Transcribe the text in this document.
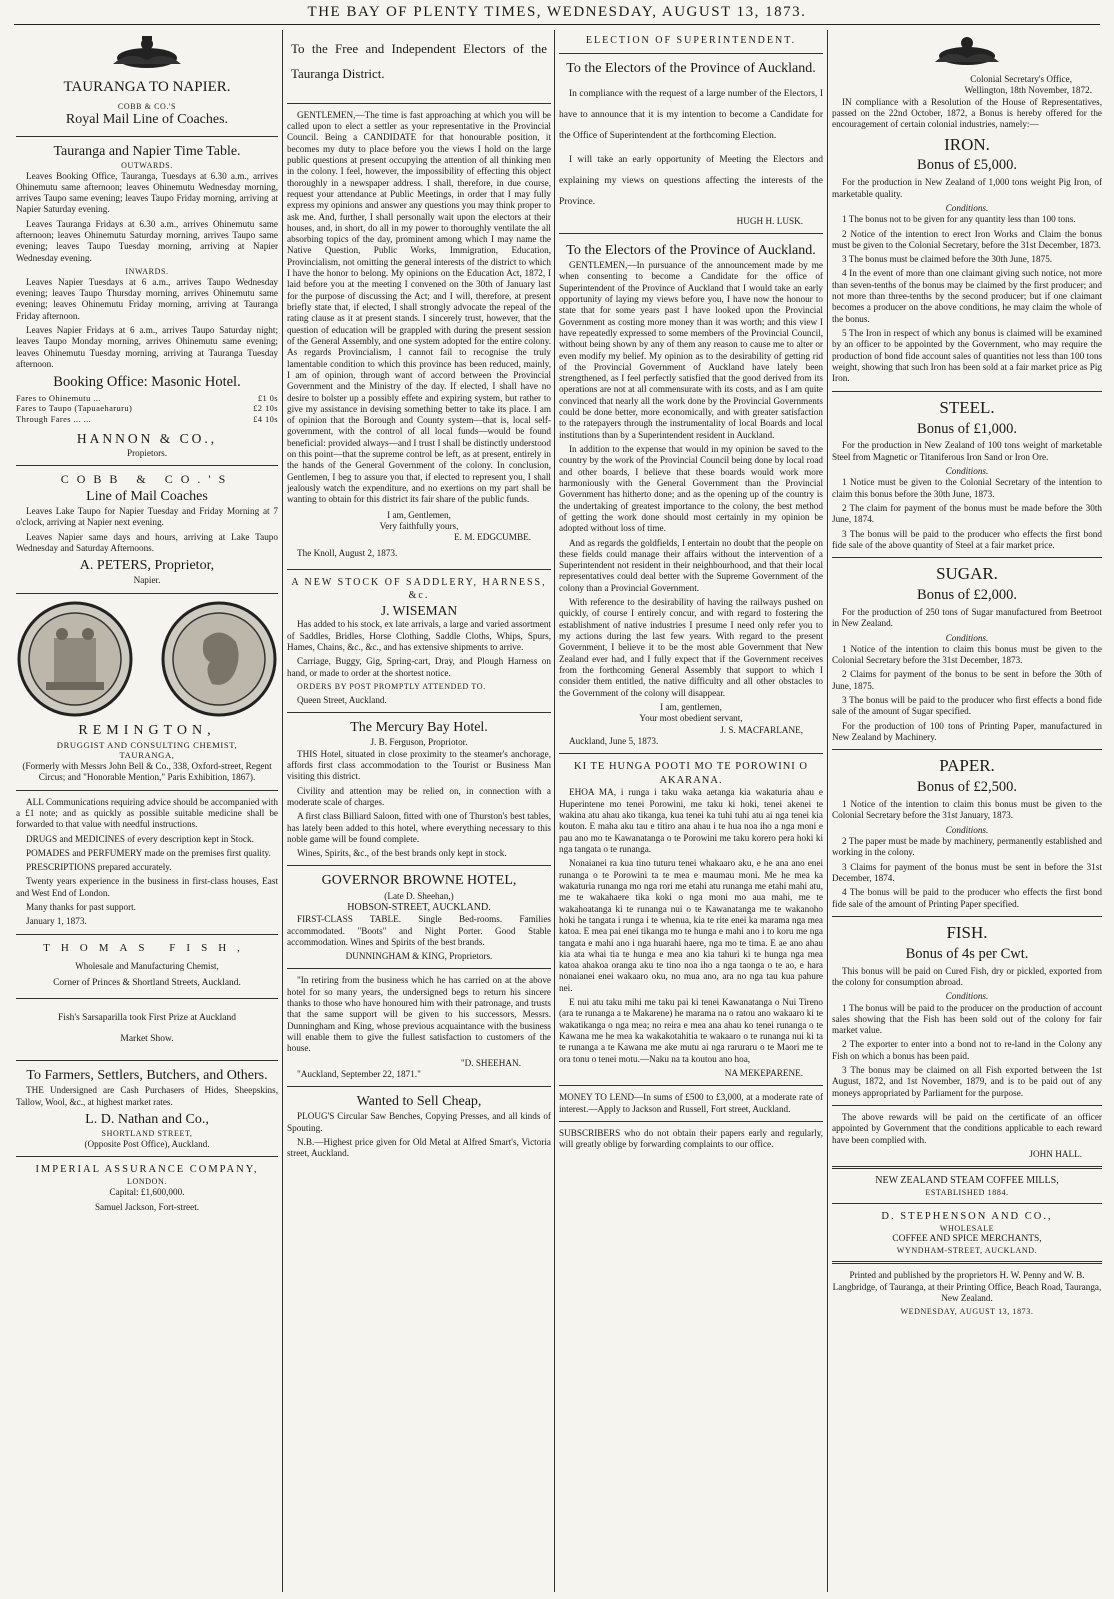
THE BAY OF PLENTY TIMES, WEDNESDAY, AUGUST 13, 1873.
TAURANGA TO NAPIER.
COBB & CO.'S
Royal Mail Line of Coaches.
Tauranga and Napier Time Table.
OUTWARDS.

Leaves Booking Office, Tauranga, Tuesdays at 6.30 a.m., arrives Ohinemutu same afternoon; leaves Ohinemutu Wednesday morning, arrives Taupo same evening; leaves Taupo Friday morning, arriving at Napier Saturday evening.

Leaves Tauranga Fridays at 6.30 a.m., arrives Ohinemutu same afternoon; leaves Ohinemutu Saturday morning, arrives Taupo same evening; leaves Taupo Tuesday morning, arriving at Napier Wednesday evening.

INWARDS.

Leaves Napier Tuesdays at 6 a.m., arrives Taupo Wednesday evening; leaves Taupo Thursday morning, arrives Ohinemutu same evening; leaves Ohinemutu Friday morning, arriving at Tauranga Friday afternoon.

Leaves Napier Fridays at 6 a.m., arrives Taupo Saturday night; leaves Taupo Monday morning, arrives Ohinemutu same evening; leaves Ohinemutu Tuesday morning, arriving at Tauranga Tuesday afternoon.

Booking Office: Masonic Hotel.
Fares to Ohinemutu ...	£1 0s
Fares to Taupo (Tapuaeharuru)	£2 10s
Through Fares ... ...	£4 10s
HANNON & CO.,
Propietors.
COBB & CO.'S
Line of Mail Coaches

Leaves Lake Taupo for Napier Tuesday and Friday Morning at 7 o'clock, arriving at Napier next evening.

Leaves Napier same days and hours, arriving at Lake Taupo Wednesday and Saturday Afternoons.

A. PETERS, Proprietor,
Napier.
REMINGTON,
DRUGGIST AND CONSULTING CHEMIST,
TAURANGA,

(Formerly with Messrs John Bell & Co., 338, Oxford-street, Regent Circus; and "Honorable Mention," Paris Exhibition, 1867).

ALL Communications requiring advice should be accompanied with a £1 note; and as quickly as possible suitable medicine shall be forwarded to that value with needful instructions.

DRUGS and MEDICINES of every description kept in Stock.

POMADES and PERFUMERY made on the premises first quality.

PRESCRIPTIONS prepared accurately.

Twenty years experience in the business in first-class houses, East and West End of London.

Many thanks for past support.

January 1, 1873.

THOMAS FISH,
Wholesale and Manufacturing Chemist,
Corner of Princes & Shortland Streets, Auckland.
Fish's Sarsaparilla took First Prize at Auckland
Market Show.
To Farmers, Settlers, Butchers, and Others.

THE Undersigned are Cash Purchasers of Hides, Sheepskins, Tallow, Wool, &c., at highest market rates.

L. D. Nathan and Co.,
SHORTLAND STREET,
(Opposite Post Office), Auckland.
IMPERIAL ASSURANCE COMPANY,
LONDON.
Capital: £1,600,000.
Samuel Jackson, Fort-street.
To the Free and Independent Electors of the Tauranga District.

GENTLEMEN,—The time is fast approaching at which you will be called upon to elect a settler as your representative in the Provincial Council. Being a CANDIDATE for that honourable position, it becomes my duty to place before you the views I hold on the large public questions at present occupying the attention of all thinking men in the colony. I feel, however, the impossibility of effecting this object thoroughly in a newspaper address. I shall, therefore, in due course, request your attendance at Public Meetings, in order that I may fully express my opinions and answer any questions you may think proper to ask me. And, further, I shall personally wait upon the electors at their houses, and, in short, do all in my power to thoroughly ventilate the all absorbing topics of the day, prominent among which I may name the Native Question, Public Works, Immigration, Education, Provincialism, not omitting the general interests of the district to which I have the honor to belong. My opinions on the Education Act, 1872, I laid before you at the meeting I convened on the 30th of January last for the purpose of discussing the Act; and I will, therefore, at present briefly state that, if elected, I shall strongly advocate the repeal of the rating clause as it at present stands. I sincerely trust, however, that the question of education will be grappled with during the present session of the General Assembly, and one system adopted for the entire colony. As regards Provincialism, I cannot fail to recognise the truly lamentable condition to which this province has been reduced, mainly, I am of opinion, through want of accord between the Provincial Government and the Ministry of the day. If elected, I shall have no desire to bolster up a possibly effete and expiring system, but rather to give my assistance in devising something better to take its place. I am of opinion that the Borough and County system—that is, local self-government, with the control of all local funds—would be found beneficial: provided always—and I trust I shall be distinctly understood on this point—that the supreme control be left, as at present, entirely in the hands of the General Government of the colony. In conclusion, Gentlemen, I beg to assure you that, if elected to represent you, I shall jealously watch the expenditure, and no exertions on my part shall be wanting to obtain for this district its fair share of the public funds.

I am, Gentlemen,
Very faithfully yours,
E. M. EDGCUMBE.
The Knoll, August 2, 1873.
A NEW STOCK OF SADDLERY, HARNESS, &c.
J. WISEMAN

Has added to his stock, ex late arrivals, a large and varied assortment of Saddles, Bridles, Horse Clothing, Saddle Cloths, Whips, Spurs, Hames, Chains, &c., &c., and has extensive shipments to arrive.

Carriage, Buggy, Gig, Spring-cart, Dray, and Plough Harness on hand, or made to order at the shortest notice.

ORDERS BY POST PROMPTLY ATTENDED TO.

Queen Street, Auckland.

The Mercury Bay Hotel.
J. B. Ferguson, Propriotor.

THIS Hotel, situated in close proximity to the steamer's anchorage, affords first class accommodation to the Tourist or Business Man visiting this district.

Civility and attention may be relied on, in connection with a moderate scale of charges.

A first class Billiard Saloon, fitted with one of Thurston's best tables, has lately been added to this hotel, where everything necessary to this noble game will be found complete.

Wines, Spirits, &c., of the best brands only kept in stock.

GOVERNOR BROWNE HOTEL,
(Late D. Sheehan,)
HOBSON-STREET, AUCKLAND.

FIRST-CLASS TABLE. Single Bed-rooms. Families accommodated. "Boots" and Night Porter. Good Stable accommodation. Wines and Spirits of the best brands.

DUNNINGHAM & KING, Proprietors.

"In retiring from the business which he has carried on at the above hotel for so many years, the undersigned begs to return his sincere thanks to those who have honoured him with their patronage, and trusts that the same support will be given to his successors, Messrs. Dunningham and King, whose previous acquaintance with the business will enable them to give the fullest satisfaction to customers of the house.

"D. SHEEHAN.
"Auckland, September 22, 1871."
Wanted to Sell Cheap,

PLOUG'S Circular Saw Benches, Copying Presses, and all kinds of Spouting.

N.B.—Highest price given for Old Metal at Alfred Smart's, Victoria street, Auckland.

ELECTION OF SUPERINTENDENT.
To the Electors of the Province of Auckland.

In compliance with the request of a large number of the Electors, I have to announce that it is my intention to become a Candidate for the Office of Superintendent at the forthcoming Election.

I will take an early opportunity of Meeting the Electors and explaining my views on questions affecting the interests of the Province.

HUGH H. LUSK.
To the Electors of the Province of Auckland.

GENTLEMEN,—In pursuance of the announcement made by me when consenting to become a Candidate for the office of Superintendent of the Province of Auckland that I would take an early opportunity of laying my views before you, I have now the honour to state that for some years past I have looked upon the Provincial Government as costing more money than it was worth; and this view I have repeatedly expressed to some members of the Provincial Council, without being shown by any of them any reason to cause me to alter or even modify my belief. My opinion as to the desirability of getting rid of the Provincial Government of Auckland have lately been strengthened, as I feel perfectly satisfied that the good derived from its operations are not at all commensurate with its costs, and as I am quite convinced that nearly all the work done by the Provincial Governments could be done better, more economically, and with greater satisfaction to the ratepayers through the instrumentality of local Boards and local institutions than by a Superintendent resident in Auckland.

In addition to the expense that would in my opinion be saved to the country by the work of the Provincial Council being done by local road and other boards, I believe that these boards would work more harmoniously with the General Government than the Provincial Government has hitherto done; and as the opening up of the country is the undertaking of greatest importance to the colony, the best method of getting the work done should most certainly in my opinion be adopted without loss of time.

And as regards the goldfields, I entertain no doubt that the people on these fields could manage their affairs without the intervention of a Superintendent not resident in their neighbourhood, and that their local representatives could deal better with the Supreme Government of the colony than a Provincial Government.

With reference to the desirability of having the railways pushed on quickly, of course I entirely concur, and with regard to fostering the establishment of native industries I presume I need only refer you to my actions during the last few years. With regard to the present Government, I believe it to be the most able Government that New Zealand ever had, and I fully expect that if the Government receives from the forthcoming General Assembly that support to which I consider them entitled, the native difficulty and all other obstacles to the Government of the colony will disappear.

I am, gentlemen,
Your most obedient servant,
J. S. MACFARLANE,
Auckland, June 5, 1873.
KI TE HUNGA POOTI MO TE POROWINI O AKARANA.

EHOA MA, i runga i taku waka aetanga kia wakaturia ahau e Huperintene mo tenei Porowini, me taku ki hoki, tenei akenei te wakina atu ahau ako tikanga, kua tenei ka tuhi tuhi atu ai nga tenei kia kouton. E maha aku tau e titiro ana ahau i te hua noa iho a nga moni e pau ano mo te Kawanatanga o te Porowini me taku korero pera hoki ki nga tangata o te runanga.

Nonaianei ra kua tino tuturu tenei whakaaro aku, e he ana ano enei runanga o te Porowini ta te mea e maumau moni. Me he mea ka wakaturia runanga mo nga rori me etahi atu runanga me etahi mahi atu, me te wakahaere tika koki o nga moni mo aua mahi, me te wakahoatanga ki te runanga nui o te Kawanatanga me te wakanoho hoki he tangata i runga i te whenua, kia te rite enei ka marama nga mea katoa. E mea pai enei tikanga mo te hunga e mahi ano i to koru me nga tangata e mahi ano i nga huarahi haere, nga mo te tima. E ae ano ahau kia ata whai tia te hunga e mea ano kia tahuri ki te hunga nga mea katoa ahakoa oranga aku te tino noa iho a nga taonga o te ao, e hara nonaianei enei wakaaro oku, no mua ano, ara no nga tau kua pahure nei.

E nui atu taku mihi me taku pai ki tenei Kawanatanga o Nui Tireno (ara te runanga a te Makarene) he marama na o ratou ano wakaaro ki te wakatikanga o nga mea; no reira e mea ana ahau ko tenei runanga o te Kawana me he mea ka wakakotahitia te wakaaro o te runanga nui ki ta te runanga a te Kawana me ake mutu ai nga raruraru o te Maori me te ora tonu o tenei motu.—Naku na ta koutou ano hoa,

NA MEKEPARENE.

MONEY TO LEND—In sums of £500 to £3,000, at a moderate rate of interest.—Apply to Jackson and Russell, Fort street, Auckland.

SUBSCRIBERS who do not obtain their papers early and regularly, will greatly oblige by forwarding complaints to our office.

Colonial Secretary's Office,
Wellington, 18th November, 1872.

IN compliance with a Resolution of the House of Representatives, passed on the 22nd October, 1872, a Bonus is hereby offered for the encouragement of certain colonial industries, namely:—

IRON.
Bonus of £5,000.

For the production in New Zealand of 1,000 tons weight Pig Iron, of marketable quality.

Conditions.

1 The bonus not to be given for any quantity less than 100 tons.

2 Notice of the intention to erect Iron Works and Claim the bonus must be given to the Colonial Secretary, before the 31st December, 1873.

3 The bonus must be claimed before the 30th June, 1875.

4 In the event of more than one claimant giving such notice, not more than seven-tenths of the bonus may be claimed by the first producer; and not more than three-tenths by the second producer; but if one claimant becomes a producer on the above conditions, he may claim the whole of the bonus.

5 The Iron in respect of which any bonus is claimed will be examined by an officer to be appointed by the Government, who may require the production of bond fide account sales of quantities not less than 100 tons weight, showing that such Iron has been sold at a fair market price as Pig Iron.

STEEL.
Bonus of £1,000.

For the production in New Zealand of 100 tons weight of marketable Steel from Magnetic or Titaniferous Iron Sand or Iron Ore.

Conditions.

1 Notice must be given to the Colonial Secretary of the intention to claim this bonus before the 30th June, 1873.

2 The claim for payment of the bonus must be made before the 30th June, 1874.

3 The bonus will be paid to the producer who effects the first bond fide sale of the above quantity of Steel at a fair market price.

SUGAR.
Bonus of £2,000.

For the production of 250 tons of Sugar manufactured from Beetroot in New Zealand.

Conditions.

1 Notice of the intention to claim this bonus must be given to the Colonial Secretary before the 31st December, 1873.

2 Claims for payment of the bonus to be sent in before the 30th of June, 1875.

3 The bonus will be paid to the producer who first effects a bond fide sale of the amount of Sugar specified.

For the production of 100 tons of Printing Paper, manufactured in New Zealand by Machinery.

PAPER.
Bonus of £2,500.

1 Notice of the intention to claim this bonus must be given to the Colonial Secretary before the 31st January, 1873.

Conditions.

2 The paper must be made by machinery, permanently established and working in the colony.

3 Claims for payment of the bonus must be sent in before the 31st December, 1874.

4 The bonus will be paid to the producer who effects the first bond fide sale of the amount of Printing Paper specified.

FISH.
Bonus of 4s per Cwt.

This bonus will be paid on Cured Fish, dry or pickled, exported from the colony for consumption abroad.

Conditions.

1 The bonus will be paid to the producer on the production of account sales showing that the Fish has been sold out of the colony for fair market value.

2 The exporter to enter into a bond not to re-land in the Colony any Fish on which a bonus has been paid.

3 The bonus may be claimed on all Fish exported between the 1st August, 1872, and 1st November, 1879, and is to be paid out of any moneys appropriated by Parliament for the purpose.

The above rewards will be paid on the certificate of an officer appointed by Government that the conditions applicable to each reward have been complied with.

JOHN HALL.
NEW ZEALAND STEAM COFFEE MILLS,
ESTABLISHED 1884.
D. STEPHENSON AND CO.,
WHOLESALE
COFFEE AND SPICE MERCHANTS,
WYNDHAM-STREET, AUCKLAND.

Printed and published by the proprietors H. W. Penny and W. B. Langbridge, of Tauranga, at their Printing Office, Beach Road, Tauranga, New Zealand.

WEDNESDAY, AUGUST 13, 1873.
